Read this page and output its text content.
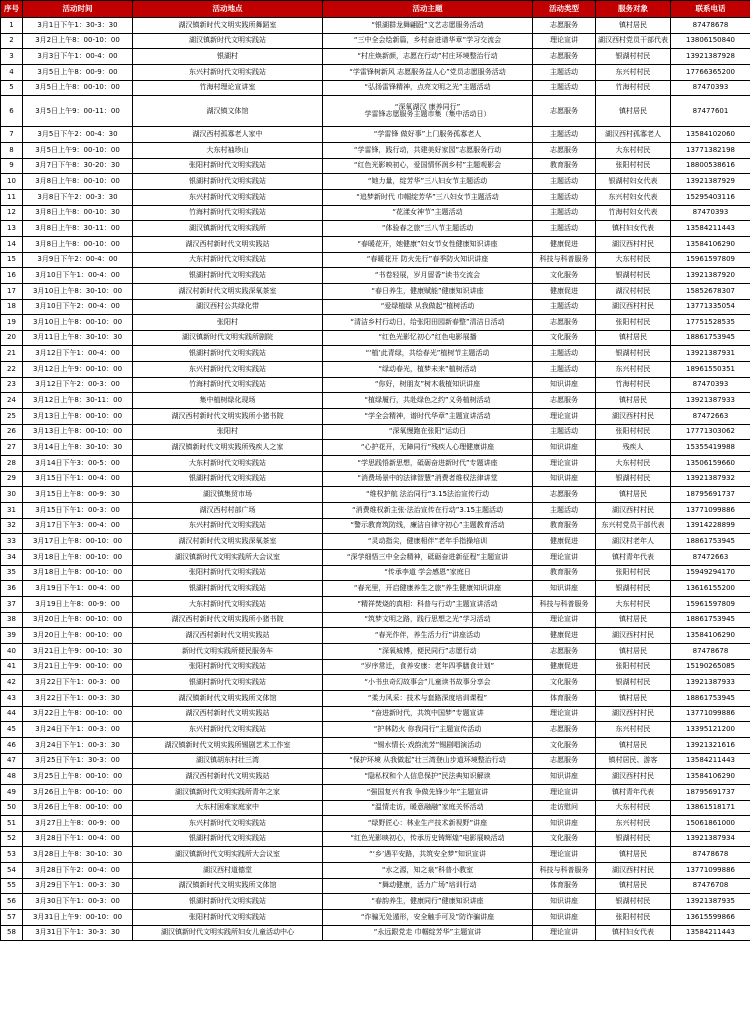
序号	活动时间	活动地点	活动主题	活动类型	服务对象	联系电话
1	3月1日下午1：30-3：30	湖汉镇新时代文明实践所舞蹈室	“银湖群龙舞翩跹”文艺志愿服务活动	志愿服务	镇村居民	87478678
2	3月2日上午8：00-10：00	湖汉镇新时代文明实践站	“三中全会绘新篇，乡村奋进谱华章”学习交流会	理论宣讲	湖汉西村党员干部代表	13806150840
3	3月3日下午1：00-4：00	银湖村	“村庄焕新颜，志愿在行动”村庄环境整治行动	志愿服务	银湖村村民	13921387928
4	3月5日上午8：00-9：00	东兴村新时代文明实践站	“学雷锋树新风 志愿服务益人心”党员志愿服务活动	主题活动	东兴村村民	17766365200
5	3月5日上午8：00-10：00	竹海村理论宣讲室	“弘扬雷锋精神，点亮文明之光”主题活动	主题活动	竹海村村民	87470393
6	3月5日上午9：00-11：00	湖汉镇文体馆	“深氧湖汉 康养同行”
学雷锋志愿服务主题市集（集中活动日）	志愿服务	镇村居民	87477601
7	3月5日下午2：00-4：30	湖汉西村孤寡老人家中	“学雷锋 做好事”上门服务孤寡老人	主题活动	湖汉西村孤寡老人	13584102060
8	3月5日上午9：00-10：00	大东村袖珍山	“学雷锋，践行动，共建美好家园”志愿服务行动	志愿服务	大东村村民	13771382198
9	3月7日下午8：30-20：30	张阳村新时代文明实践站	“红色光影映初心，爱国情怀润乡村”主题观影会	教育服务	张阳村村民	18800538616
10	3月8日上午8：00-10：00	银湖村新时代文明实践站	“她力量，绽芳华”三八妇女节主题活动	主题活动	银湖村妇女代表	13921387929
11	3月8日下午2：00-3：30	东兴村新时代文明实践站	“追梦新时代 巾帼绽芳华”三八妇女节主题活动	主题活动	东兴村妇女代表	15295403116
12	3月8日上午8：00-10：30	竹海村新时代文明实践站	“花漾女神节”主题活动	主题活动	竹海村妇女代表	87470393
13	3月8日上午8：30-11：00	湖汉镇新时代文明实践所	“体验春之旅”三八节主题活动	主题活动	镇村妇女代表	13584211443
14	3月8日上午8：00-10：00	湖汉西村新时代文明实践站	“春暖花开，她健康”妇女节女性健康知识讲座	健康促进	湖汉西村村民	13584106290
15	3月9日下午2：00-4：00	大东村新时代文明实践站	“春暖花开 防火先行”春季防火知识讲座	科技与科普服务	大东村村民	15961597809
16	3月10日下午1：00-4：00	银湖村新时代文明实践站	“书卷轻展，岁月留香”读书交流会	文化服务	银湖村村民	13921387920
17	3月10日上午8：30-10：00	湖汉村新时代文明实践深氧茶室	“春日养生，健康赋能”健康知识讲座	健康促进	湖汉村村民	15852678307
18	3月10日下午2：00-4：00	湖汉西村公共绿化带	“爱绿植绿 从我做起”植树活动	主题活动	湖汉西村村民	13771335054
19	3月10日上午8：00-10：00	张阳村	“清洁乡村行动日，给张阳田园新春整”清洁日活动	志愿服务	张阳村村民	17751528535
20	3月11日上午8：30-10：30	湖汉镇新时代文明实践所剧院	“红色光影忆初心”红色电影展播	文化服务	镇村居民	18861753945
21	3月12日下午1：00-4：00	银湖村新时代文明实践站	“‘植’此青绿，共绘春光”植树节主题活动	主题活动	银湖村村民	13921387931
22	3月12日上午9：00-10：00	东兴村新时代文明实践站	“绿动春光，植梦未来”植树活动	主题活动	东兴村村民	18961550351
23	3月12日下午2：00-3：00	竹海村新时代文明实践站	“你好，树朋友”树木栽植知识讲座	知识讲座	竹海村村民	87470393
24	3月12日上午8：30-11：00	集中植树绿化现场	“植绿履行，共赴绿色之约”义务植树活动	志愿服务	镇村居民	13921387933
25	3月13日上午8：00-10：00	湖汉西村新时代文明实践所小猪书院	“学全会精神，谱时代华章”主题宣讲活动	理论宣讲	湖汉西村村民	87472663
26	3月13日上午8：00-10：00	张阳村	“深氧慢跑在张阳”运动日	主题活动	张阳村村民	17771303062
27	3月14日上午8：30-10：30	湖汉镇新时代文明实践所残疾人之家	“心护花开，无障同行”残疾人心理健康讲座	知识讲座	残疾人	15355419988
28	3月14日下午3：00-5：00	大东村新时代文明实践站	“学思践悟新思想，砥砺奋进新时代”专题讲座	理论宣讲	大东村村民	13506159660
29	3月15日下午1：00-4：00	银湖村新时代文明实践站	“消费场景中的法律智慧”消费者维权法律讲堂	知识讲座	银湖村村民	13921387932
30	3月15日上午8：00-9：30	湖汉镇集贸市场	“维权护航 法治同行”3.15法治宣传行动	志愿服务	镇村居民	18795691737
31	3月15日下午1：00-3：00	湖汉西村村部广场	“消费维权新主张·法治宣传在行动”3.15主题活动	主题活动	湖汉西村村民	13771099886
32	3月17日下午3：00-4：00	东兴村新时代文明实践站	“警示教育筑防线，廉洁自律守初心”主题教育活动	教育服务	东兴村党员干部代表	13914228899
33	3月17日上午8：00-10：00	湖汉村新时代文明实践深氧茶室	“灵动指尖，健康相伴”老年手指操培训	健康促进	湖汉村老年人	18861753945
34	3月18日上午8：00-10：00	湖汉镇新时代文明实践所大会议室	“深学细悟三中全会精神，砥砺奋进新征程”主题宣讲	理论宣讲	镇村青年代表	87472663
35	3月18日上午8：00-10：00	张阳村新时代文明实践站	“传承李道 学会感恩”家庭日	教育服务	张阳村村民	15949294170
36	3月19日下午1：00-4：00	银湖村新时代文明实践站	“春光里，开启健康养生之旅”养生健康知识讲座	知识讲座	银湖村村民	13616155200
37	3月19日上午8：00-9：00	大东村新时代文明实践站	“精祥焚烧的真相：科普与行动”主题宣讲活动	科技与科普服务	大东村村民	15961597809
38	3月20日上午8：00-10：00	湖汉西村新时代文明实践所小猪书院	“筑梦文明之路，践行思想之光”学习活动	理论宣讲	镇村居民	18861753945
39	3月20日上午8：00-10：00	湖汉西村新时代文明实践站	“春光作伴，养生活力行”讲座活动	健康促进	湖汉西村村民	13584106290
40	3月21日上午9：00-10：30	新时代文明实践所便民服务车	“深氧城傅，便民同行”志愿行动	志愿服务	镇村居民	87478678
41	3月21日上午9：00-10：00	张阳村新时代文明实践站	“岁序常迁，食养安康：老年四季膳食计划”	健康促进	张阳村村民	15190265085
42	3月22日下午1：00-3：00	银湖村新时代文明实践站	“小书虫奇幻故事会”儿童读书故事分享会	文化服务	银湖村村民	13921387933
43	3月22日下午1：00-3：30	湖汉镇新时代文明实践所文体馆	“柔力风采：技术与套路深度培训课程”	体育服务	镇村居民	18861753945
44	3月22日上午8：00-10：00	湖汉西村新时代文明实践站	“奋进新时代，共筑中国梦”专题宣讲	理论宣讲	湖汉西村村民	13771099886
45	3月24日下午1：00-3：00	东兴村新时代文明实践站	“护林防火 你我同行”主题宣传活动	志愿服务	东兴村村民	13395121200
46	3月24日下午1：00-3：30	湖汉镇新时代文明实践所锡剧艺术工作室	“锡水情长·戏韵流芳”锡剧唱演活动	文化服务	镇村居民	13921321616
47	3月25日下午1：30-3：00	湖汉镇胡东村壮三湾	“保护环境 从我做起”壮三湾登山步道环境整治行动	志愿服务	镇村居民、游客	13584211443
48	3月25日上午8：00-10：00	湖汉西村新时代文明实践站	“隐私权和个人信息保护”民法典知识解读	知识讲座	湖汉西村村民	13584106290
49	3月26日上午8：00-10：00	湖汉镇新时代文明实践所青年之家	“强国复兴有我 争做先锋少年”主题宣讲	理论宣讲	镇村青年代表	18795691737
50	3月26日上午8：00-10：00	大东村困难家庭家中	“温情走访，暖意融融”家庭关怀活动	走访慰问	大东村村民	13861518171
51	3月27日上午8：00-9：00	东兴村新时代文明实践站	“绿野匠心：林业生产技术新视野”讲座	知识讲座	东兴村村民	15061861000
52	3月28日下午1：00-4：00	银湖村新时代文明实践站	“红色光影映初心，传承历史铸辉煌”电影展映活动	文化服务	银湖村村民	13921387934
53	3月28日上午8：30-10：30	湖汉镇新时代文明实践所大会议室	“‘乡’遇平安路，共筑安全梦”知识宣讲	理论宣讲	镇村居民	87478678
54	3月28日下午2：00-4：00	湖汉西村道德堂	“水之源，知之泉”科普小教室	科技与科普服务	湖汉西村村民	13771099886
55	3月29日下午1：00-3：30	湖汉镇新时代文明实践所文体馆	“舞动健康，活力广场”培训行动	体育服务	镇村居民	87476708
56	3月30日下午1：00-3：00	银湖村新时代文明实践站	“春韵养生，健康同行”健康知识讲座	知识讲座	银湖村村民	13921387935
57	3月31日上午9：00-10：00	张阳村新时代文明实践站	“诈骗无处遁形，安全触手可及”防诈骗讲座	知识讲座	张阳村村民	13615599866
58	3月31日下午1：30-3：30	湖汉镇新时代文明实践所妇女儿童活动中心	“永远跟党走 巾帼绽芳华”主题宣讲	理论宣讲	镇村妇女代表	13584211443
